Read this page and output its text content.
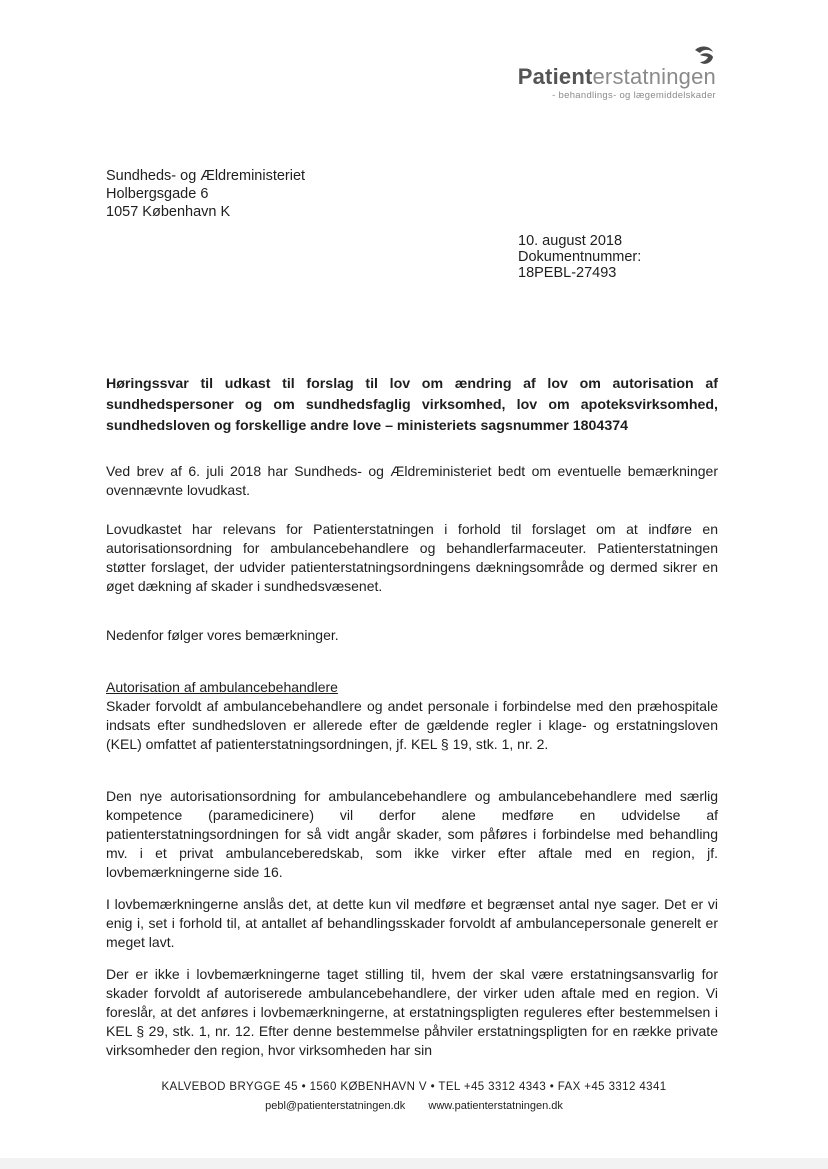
Patienterstatningen
- behandlings- og lægemiddelskader
Sundheds- og Ældreministeriet
Holbergsgade 6
1057 København K
10. august 2018
Dokumentnummer:
18PEBL-27493
Høringssvar til udkast til forslag til lov om ændring af lov om autorisation af sundhedspersoner og om sundhedsfaglig virksomhed, lov om apoteksvirksomhed, sundhedsloven og forskellige andre love – ministeriets sagsnummer 1804374
Ved brev af 6. juli 2018 har Sundheds- og Ældreministeriet bedt om eventuelle bemærkninger ovennævnte lovudkast.
Lovudkastet har relevans for Patienterstatningen i forhold til forslaget om at indføre en autorisationsordning for ambulancebehandlere og behandlerfarmaceuter. Patienterstatningen støtter forslaget, der udvider patienterstatningsordningens dækningsområde og dermed sikrer en øget dækning af skader i sundhedsvæsenet.
Nedenfor følger vores bemærkninger.
Autorisation af ambulancebehandlere
Skader forvoldt af ambulancebehandlere og andet personale i forbindelse med den præhospitale indsats efter sundhedsloven er allerede efter de gældende regler i klage- og erstatningsloven (KEL) omfattet af patienterstatningsordningen, jf. KEL § 19, stk. 1, nr. 2.
Den nye autorisationsordning for ambulancebehandlere og ambulancebehandlere med særlig kompetence (paramedicinere) vil derfor alene medføre en udvidelse af patienterstatningsordningen for så vidt angår skader, som påføres i forbindelse med behandling mv. i et privat ambulanceberedskab, som ikke virker efter aftale med en region, jf. lovbemærkningerne side 16.
I lovbemærkningerne anslås det, at dette kun vil medføre et begrænset antal nye sager. Det er vi enig i, set i forhold til, at antallet af behandlingsskader forvoldt af ambulancepersonale generelt er meget lavt.
Der er ikke i lovbemærkningerne taget stilling til, hvem der skal være erstatningsansvarlig for skader forvoldt af autoriserede ambulancebehandlere, der virker uden aftale med en region. Vi foreslår, at det anføres i lovbemærkningerne, at erstatningspligten reguleres efter bestemmelsen i KEL § 29, stk. 1, nr. 12. Efter denne bestemmelse påhviler erstatningspligten for en række private virksomheder den region, hvor virksomheden har sin
KALVEBOD BRYGGE 45 • 1560 KØBENHAVN V • TEL +45 3312 4343 • FAX +45 3312 4341
pebl@patienterstatningen.dk www.patienterstatningen.dk
